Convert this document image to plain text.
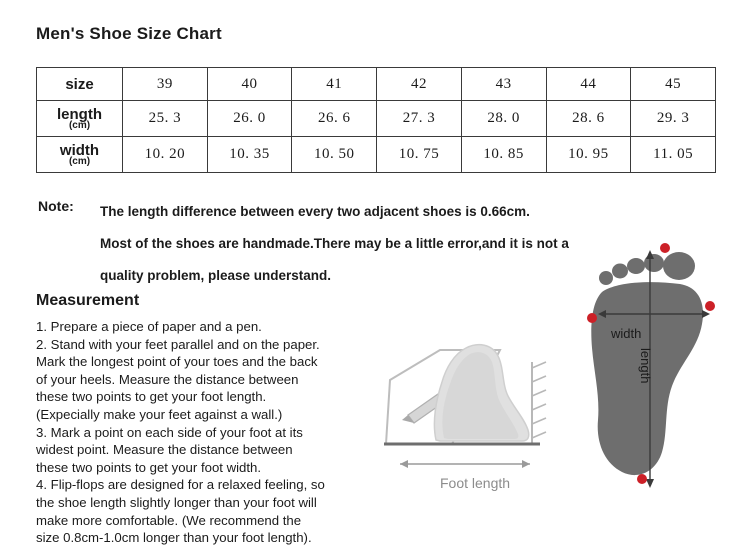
Men's Shoe Size Chart
size	39	40	41	42	43	44	45

length
(cm)	25. 3	26. 0	26. 6	27. 3	28. 0	28. 6	29. 3

width
(cm)	10. 20	10. 35	10. 50	10. 75	10. 85	10. 95	11. 05
Note: The length difference between every two adjacent shoes is 0.66cm.
Most of the shoes are handmade.There may be a little error,and it is not a
quality problem, please understand.
Measurement

1. Prepare a piece of paper and a pen.

2. Stand with your feet parallel and on the paper.

Mark the longest point of your toes and the back

of your heels. Measure the distance between

these two points to get your foot length.

(Expecially make your feet against a wall.)

3. Mark a point on each side of your foot at its

widest point. Measure the distance between

these two points to get your foot width.

4. Flip-flops are designed for a relaxed feeling, so

the shoe length slightly longer than your foot will

make more comfortable. (We recommend the

size 0.8cm-1.0cm longer than your foot length).

Foot length
width
length
